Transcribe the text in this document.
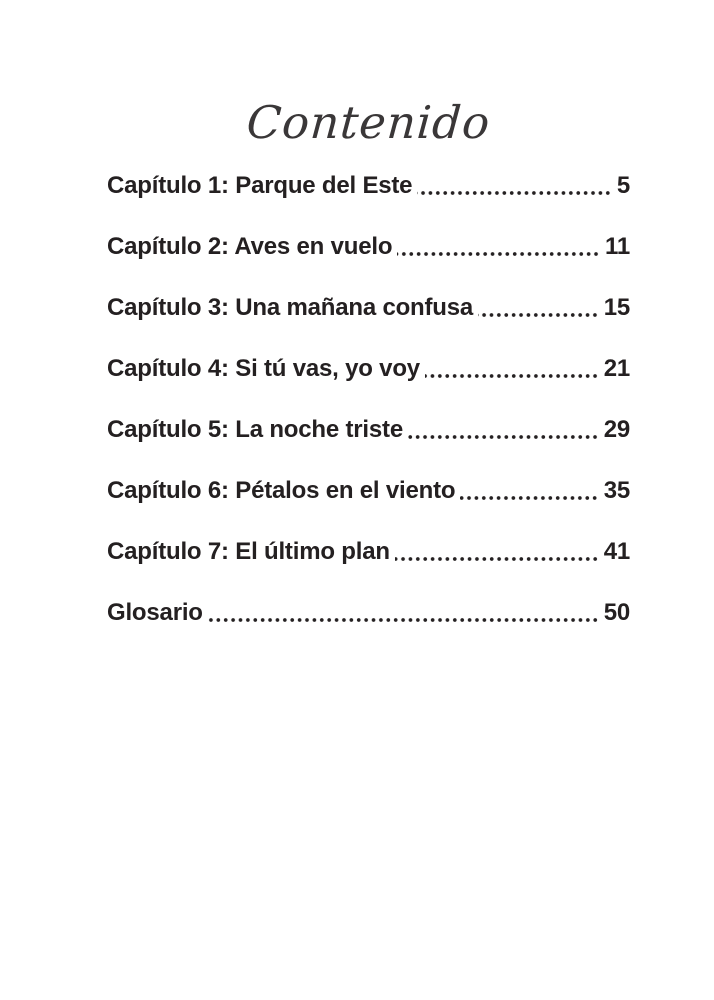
Contenido
Capítulo 1: Parque del Este	5
Capítulo 2: Aves en vuelo	11
Capítulo 3: Una mañana confusa	15
Capítulo 4: Si tú vas, yo voy	21
Capítulo 5: La noche triste	29
Capítulo 6: Pétalos en el viento	35
Capítulo 7: El último plan	41
Glosario	50
